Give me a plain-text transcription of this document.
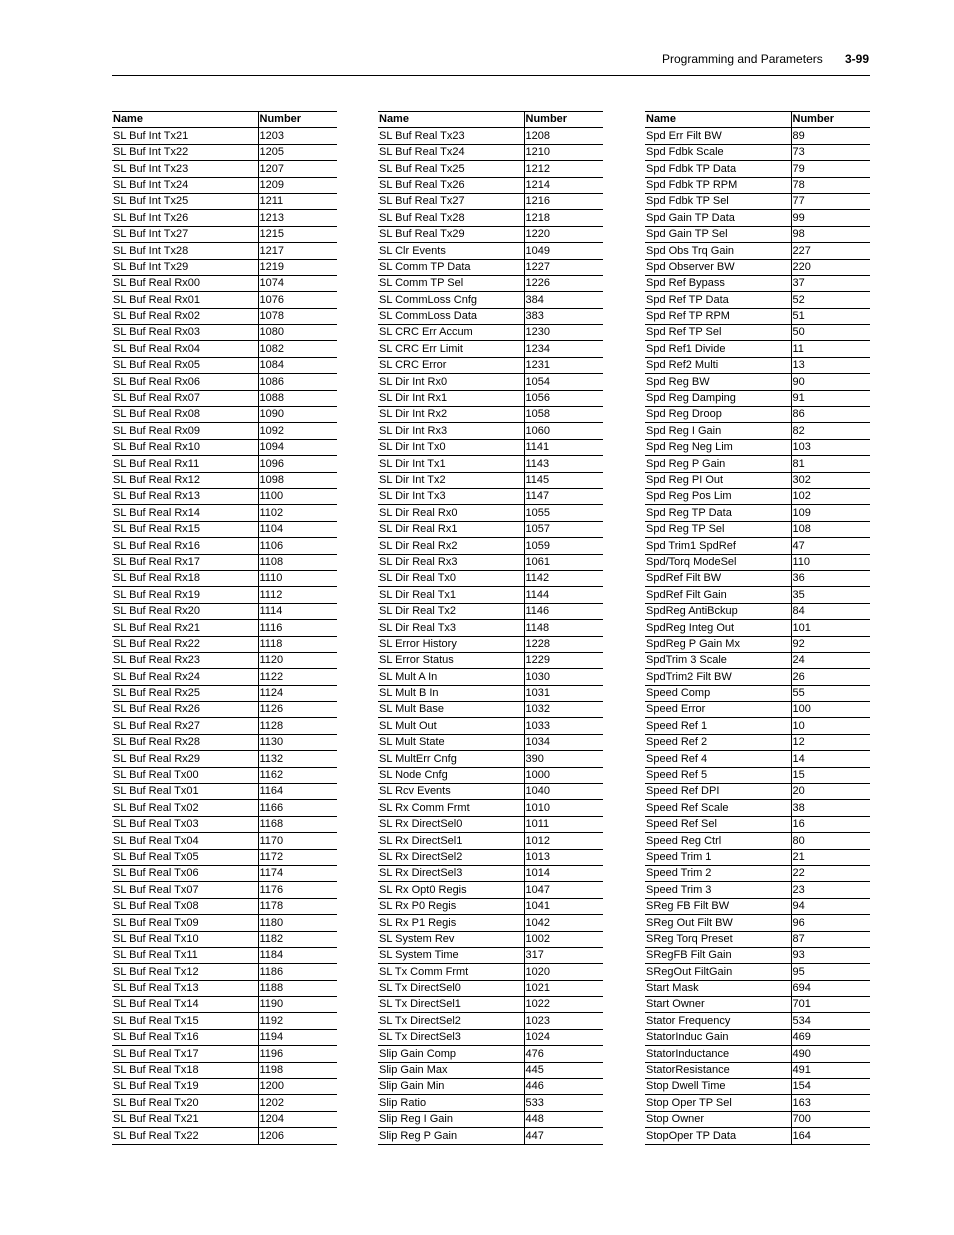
Programming and Parameters 3-99
Name	Number
SL Buf Int Tx21	1203
SL Buf Int Tx22	1205
SL Buf Int Tx23	1207
SL Buf Int Tx24	1209
SL Buf Int Tx25	1211
SL Buf Int Tx26	1213
SL Buf Int Tx27	1215
SL Buf Int Tx28	1217
SL Buf Int Tx29	1219
SL Buf Real Rx00	1074
SL Buf Real Rx01	1076
SL Buf Real Rx02	1078
SL Buf Real Rx03	1080
SL Buf Real Rx04	1082
SL Buf Real Rx05	1084
SL Buf Real Rx06	1086
SL Buf Real Rx07	1088
SL Buf Real Rx08	1090
SL Buf Real Rx09	1092
SL Buf Real Rx10	1094
SL Buf Real Rx11	1096
SL Buf Real Rx12	1098
SL Buf Real Rx13	1100
SL Buf Real Rx14	1102
SL Buf Real Rx15	1104
SL Buf Real Rx16	1106
SL Buf Real Rx17	1108
SL Buf Real Rx18	1110
SL Buf Real Rx19	1112
SL Buf Real Rx20	1114
SL Buf Real Rx21	1116
SL Buf Real Rx22	1118
SL Buf Real Rx23	1120
SL Buf Real Rx24	1122
SL Buf Real Rx25	1124
SL Buf Real Rx26	1126
SL Buf Real Rx27	1128
SL Buf Real Rx28	1130
SL Buf Real Rx29	1132
SL Buf Real Tx00	1162
SL Buf Real Tx01	1164
SL Buf Real Tx02	1166
SL Buf Real Tx03	1168
SL Buf Real Tx04	1170
SL Buf Real Tx05	1172
SL Buf Real Tx06	1174
SL Buf Real Tx07	1176
SL Buf Real Tx08	1178
SL Buf Real Tx09	1180
SL Buf Real Tx10	1182
SL Buf Real Tx11	1184
SL Buf Real Tx12	1186
SL Buf Real Tx13	1188
SL Buf Real Tx14	1190
SL Buf Real Tx15	1192
SL Buf Real Tx16	1194
SL Buf Real Tx17	1196
SL Buf Real Tx18	1198
SL Buf Real Tx19	1200
SL Buf Real Tx20	1202
SL Buf Real Tx21	1204
SL Buf Real Tx22	1206
Name	Number
SL Buf Real Tx23	1208
SL Buf Real Tx24	1210
SL Buf Real Tx25	1212
SL Buf Real Tx26	1214
SL Buf Real Tx27	1216
SL Buf Real Tx28	1218
SL Buf Real Tx29	1220
SL Clr Events	1049
SL Comm TP Data	1227
SL Comm TP Sel	1226
SL CommLoss Cnfg	384
SL CommLoss Data	383
SL CRC Err Accum	1230
SL CRC Err Limit	1234
SL CRC Error	1231
SL Dir Int Rx0	1054
SL Dir Int Rx1	1056
SL Dir Int Rx2	1058
SL Dir Int Rx3	1060
SL Dir Int Tx0	1141
SL Dir Int Tx1	1143
SL Dir Int Tx2	1145
SL Dir Int Tx3	1147
SL Dir Real Rx0	1055
SL Dir Real Rx1	1057
SL Dir Real Rx2	1059
SL Dir Real Rx3	1061
SL Dir Real Tx0	1142
SL Dir Real Tx1	1144
SL Dir Real Tx2	1146
SL Dir Real Tx3	1148
SL Error History	1228
SL Error Status	1229
SL Mult A In	1030
SL Mult B In	1031
SL Mult Base	1032
SL Mult Out	1033
SL Mult State	1034
SL MultErr Cnfg	390
SL Node Cnfg	1000
SL Rcv Events	1040
SL Rx Comm Frmt	1010
SL Rx DirectSel0	1011
SL Rx DirectSel1	1012
SL Rx DirectSel2	1013
SL Rx DirectSel3	1014
SL Rx Opt0 Regis	1047
SL Rx P0 Regis	1041
SL Rx P1 Regis	1042
SL System Rev	1002
SL System Time	317
SL Tx Comm Frmt	1020
SL Tx DirectSel0	1021
SL Tx DirectSel1	1022
SL Tx DirectSel2	1023
SL Tx DirectSel3	1024
Slip Gain Comp	476
Slip Gain Max	445
Slip Gain Min	446
Slip Ratio	533
Slip Reg I Gain	448
Slip Reg P Gain	447
Name	Number
Spd Err Filt BW	89
Spd Fdbk Scale	73
Spd Fdbk TP Data	79
Spd Fdbk TP RPM	78
Spd Fdbk TP Sel	77
Spd Gain TP Data	99
Spd Gain TP Sel	98
Spd Obs Trq Gain	227
Spd Observer BW	220
Spd Ref Bypass	37
Spd Ref TP Data	52
Spd Ref TP RPM	51
Spd Ref TP Sel	50
Spd Ref1 Divide	11
Spd Ref2 Multi	13
Spd Reg BW	90
Spd Reg Damping	91
Spd Reg Droop	86
Spd Reg I Gain	82
Spd Reg Neg Lim	103
Spd Reg P Gain	81
Spd Reg PI Out	302
Spd Reg Pos Lim	102
Spd Reg TP Data	109
Spd Reg TP Sel	108
Spd Trim1 SpdRef	47
Spd/Torq ModeSel	110
SpdRef Filt BW	36
SpdRef Filt Gain	35
SpdReg AntiBckup	84
SpdReg Integ Out	101
SpdReg P Gain Mx	92
SpdTrim 3 Scale	24
SpdTrim2 Filt BW	26
Speed Comp	55
Speed Error	100
Speed Ref 1	10
Speed Ref 2	12
Speed Ref 4	14
Speed Ref 5	15
Speed Ref DPI	20
Speed Ref Scale	38
Speed Ref Sel	16
Speed Reg Ctrl	80
Speed Trim 1	21
Speed Trim 2	22
Speed Trim 3	23
SReg FB Filt BW	94
SReg Out Filt BW	96
SReg Torq Preset	87
SRegFB Filt Gain	93
SRegOut FiltGain	95
Start Mask	694
Start Owner	701
Stator Frequency	534
StatorInduc Gain	469
StatorInductance	490
StatorResistance	491
Stop Dwell Time	154
Stop Oper TP Sel	163
Stop Owner	700
StopOper TP Data	164
